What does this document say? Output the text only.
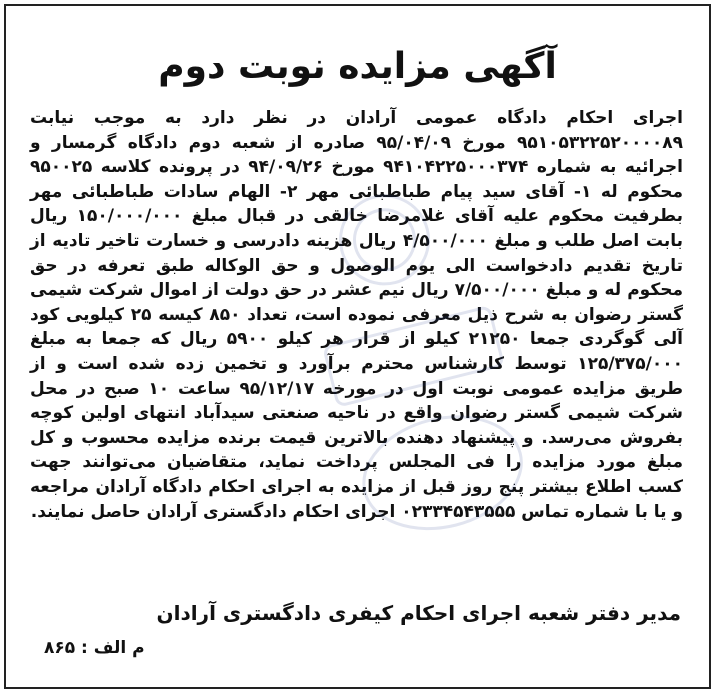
آگهی مزایده نوبت دوم
اجرای احکام دادگاه عمومی آرادان در نظر دارد به موجب نیابت ۹۵۱۰۵۳۲۲۵۲۰۰۰۰۸۹ مورخ ۹۵/۰۴/۰۹ صادره از شعبه دوم دادگاه گرمسار و اجرائیه به شماره ۹۴۱۰۴۲۲۵۰۰۰۳۷۴ مورخ ۹۴/۰۹/۲۶ در پرونده کلاسه ۹۵۰۰۲۵ محکوم له ۱- آقای سید پیام طباطبائی مهر ۲- الهام سادات طباطبائی مهر بطرفیت محکوم علیه آقای غلامرضا خالقی در قبال مبلغ ۱۵۰/۰۰۰/۰۰۰ ریال بابت اصل طلب و مبلغ ۴/۵۰۰/۰۰۰ ریال هزینه دادرسی و خسارت تاخیر تادیه از تاریخ تقدیم دادخواست الی یوم الوصول و حق الوکاله طبق تعرفه در حق محکوم له و مبلغ ۷/۵۰۰/۰۰۰ ریال نیم عشر در حق دولت از اموال شرکت شیمی گستر رضوان به شرح ذیل معرفی نموده است، تعداد ۸۵۰ کیسه ۲۵ کیلویی کود آلی گوگردی جمعا ۲۱۲۵۰ کیلو از قرار هر کیلو ۵۹۰۰ ریال که جمعا به مبلغ ۱۲۵/۳۷۵/۰۰۰ توسط کارشناس محترم برآورد و تخمین زده شده است و از طریق مزایده عمومی نوبت اول در مورخه ۹۵/۱۲/۱۷ ساعت ۱۰ صبح در محل شرکت شیمی گستر رضوان واقع در ناحیه صنعتی سیدآباد انتهای اولین کوچه بفروش می‌رسد. و پیشنهاد دهنده بالاترین قیمت برنده مزایده محسوب و کل مبلغ مورد مزایده را فی المجلس پرداخت نماید، متقاضیان می‌توانند جهت کسب اطلاع بیشتر پنج روز قبل از مزایده به اجرای احکام دادگاه آرادان مراجعه و یا با شماره تماس ۰۲۳۳۴۵۴۳۵۵۵ اجرای احکام دادگستری آرادان حاصل نمایند.
مدیر دفتر شعبه اجرای احکام کیفری دادگستری آرادان
م الف : ۸۶۵
